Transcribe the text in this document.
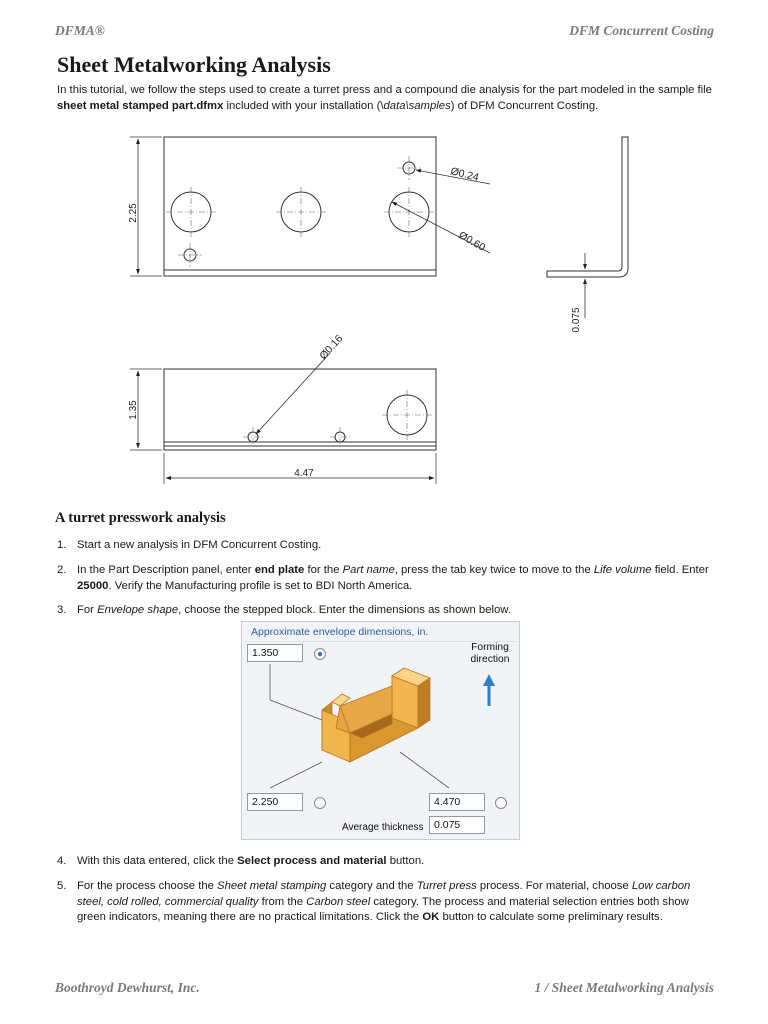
DFMA®	DFM Concurrent Costing
Sheet Metalworking Analysis
In this tutorial, we follow the steps used to create a turret press and a compound die analysis for the part modeled in the sample file sheet metal stamped part.dfmx included with your installation (\data\samples) of DFM Concurrent Costing.
2.25
Ø0.24
Ø0.60
0.075
Ø0.16
1.35
4.47
A turret presswork analysis
1. Start a new analysis in DFM Concurrent Costing.
2. In the Part Description panel, enter end plate for the Part name, press the tab key twice to move to the Life volume field. Enter 25000. Verify the Manufacturing profile is set to BDI North America.
3. For Envelope shape, choose the stepped block. Enter the dimensions as shown below.
Approximate envelope dimensions, in.
1.350	Forming direction
2.250	4.470
Average thickness 0.075
4. With this data entered, click the Select process and material button.
5. For the process choose the Sheet metal stamping category and the Turret press process. For material, choose Low carbon steel, cold rolled, commercial quality from the Carbon steel category. The process and material selection entries both show green indicators, meaning there are no practical limitations. Click the OK button to calculate some preliminary results.
Boothroyd Dewhurst, Inc.	1 / Sheet Metalworking Analysis
